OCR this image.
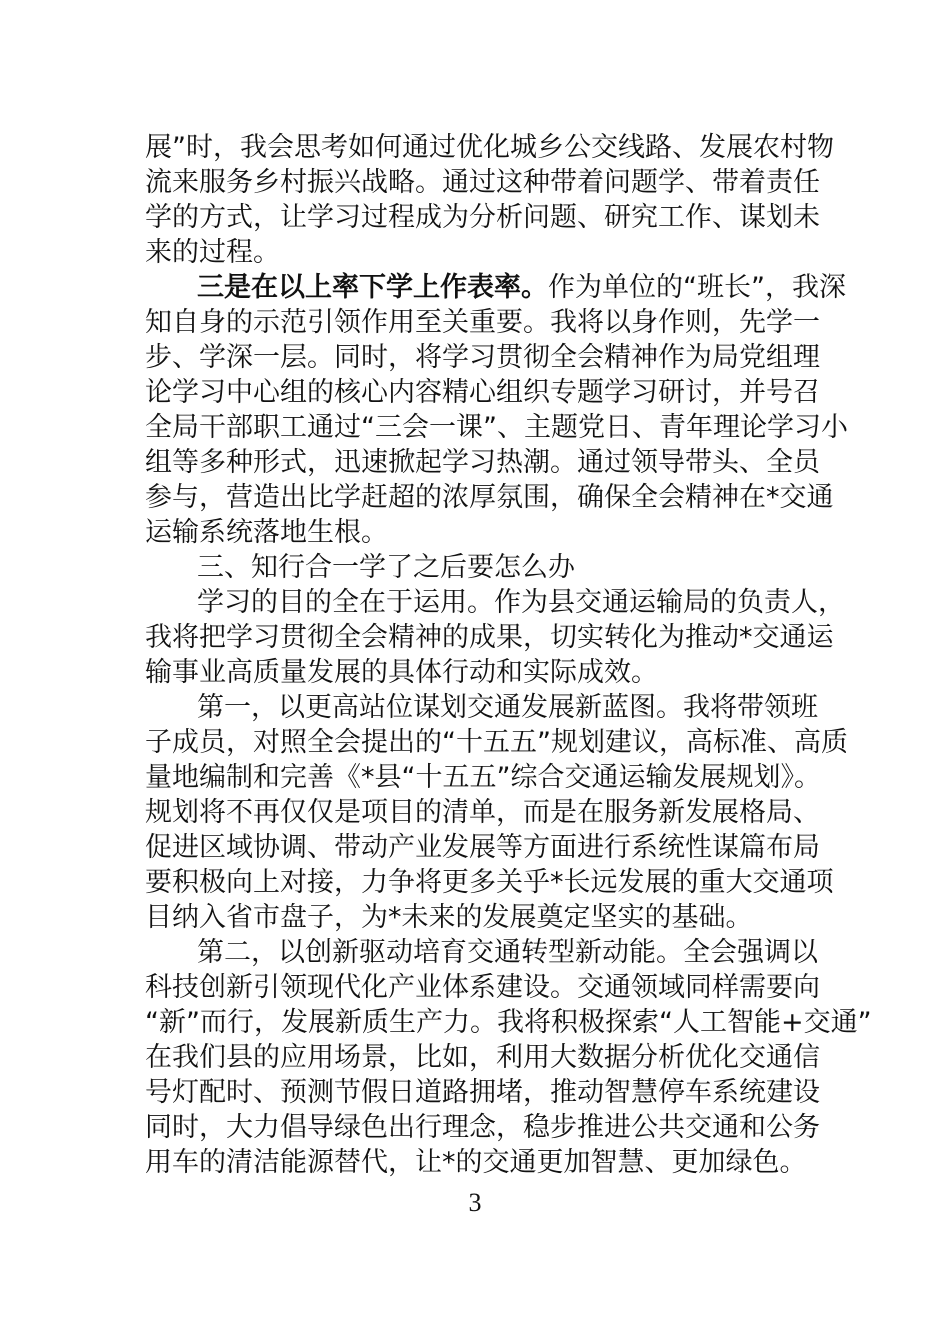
展”时，我会思考如何通过优化城乡公交线路、发展农村物
流来服务乡村振兴战略。通过这种带着问题学、带着责任
学的方式，让学习过程成为分析问题、研究工作、谋划未
来的过程。
三是在以上率下学上作表率。作为单位的“班长”，我深
知自身的示范引领作用至关重要。我将以身作则，先学一
步、学深一层。同时，将学习贯彻全会精神作为局党组理
论学习中心组的核心内容精心组织专题学习研讨，并号召
全局干部职工通过“三会一课”、主题党日、青年理论学习小
组等多种形式，迅速掀起学习热潮。通过领导带头、全员
参与，营造出比学赶超的浓厚氛围，确保全会精神在*交通
运输系统落地生根。
三、知行合一学了之后要怎么办
学习的目的全在于运用。作为县交通运输局的负责人，
我将把学习贯彻全会精神的成果，切实转化为推动*交通运
输事业高质量发展的具体行动和实际成效。
第一，以更高站位谋划交通发展新蓝图。我将带领班
子成员，对照全会提出的“十五五”规划建议，高标准、高质
量地编制和完善《*县“十五五”综合交通运输发展规划》。
规划将不再仅仅是项目的清单，而是在服务新发展格局、
促进区域协调、带动产业发展等方面进行系统性谋篇布局
要积极向上对接，力争将更多关乎*长远发展的重大交通项
目纳入省市盘子，为*未来的发展奠定坚实的基础。
第二，以创新驱动培育交通转型新动能。全会强调以
科技创新引领现代化产业体系建设。交通领域同样需要向
“新”而行，发展新质生产力。我将积极探索“人工智能+交通”
在我们县的应用场景，比如，利用大数据分析优化交通信
号灯配时、预测节假日道路拥堵，推动智慧停车系统建设
同时，大力倡导绿色出行理念，稳步推进公共交通和公务
用车的清洁能源替代，让*的交通更加智慧、更加绿色。
3
